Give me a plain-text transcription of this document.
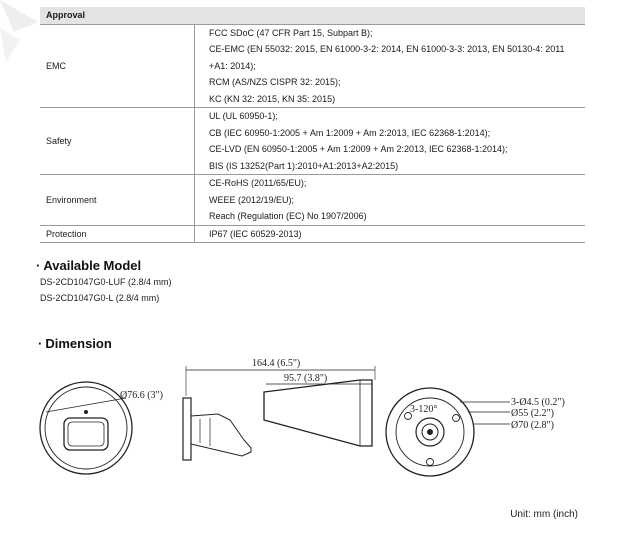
Approval	
EMC	FCC SDoC (47 CFR Part 15, Subpart B);
CE-EMC (EN 55032: 2015, EN 61000-3-2: 2014, EN 61000-3-3: 2013, EN 50130-4: 2011
+A1: 2014);
RCM (AS/NZS CISPR 32: 2015);
KC (KN 32: 2015, KN 35: 2015)

Safety	UL (UL 60950-1);
CB (IEC 60950-1:2005 + Am 1:2009 + Am 2:2013, IEC 62368-1:2014);
CE-LVD (EN 60950-1:2005 + Am 1:2009 + Am 2:2013, IEC 62368-1:2014);
BIS (IS 13252(Part 1):2010+A1:2013+A2:2015)

Environment	CE-RoHS (2011/65/EU);
WEEE (2012/19/EU);
Reach (Regulation (EC) No 1907/2006)

Protection	IP67 (IEC 60529-2013)
· Available Model
DS-2CD1047G0-LUF (2.8/4 mm)
DS-2CD1047G0-L (2.8/4 mm)
· Dimension
Ø76.6 (3")
164.4 (6.5")
95.7 (3.8")
3-120°
3-Ø4.5 (0.2")
Ø55 (2.2")
Ø70 (2.8")
Unit: mm (inch)
